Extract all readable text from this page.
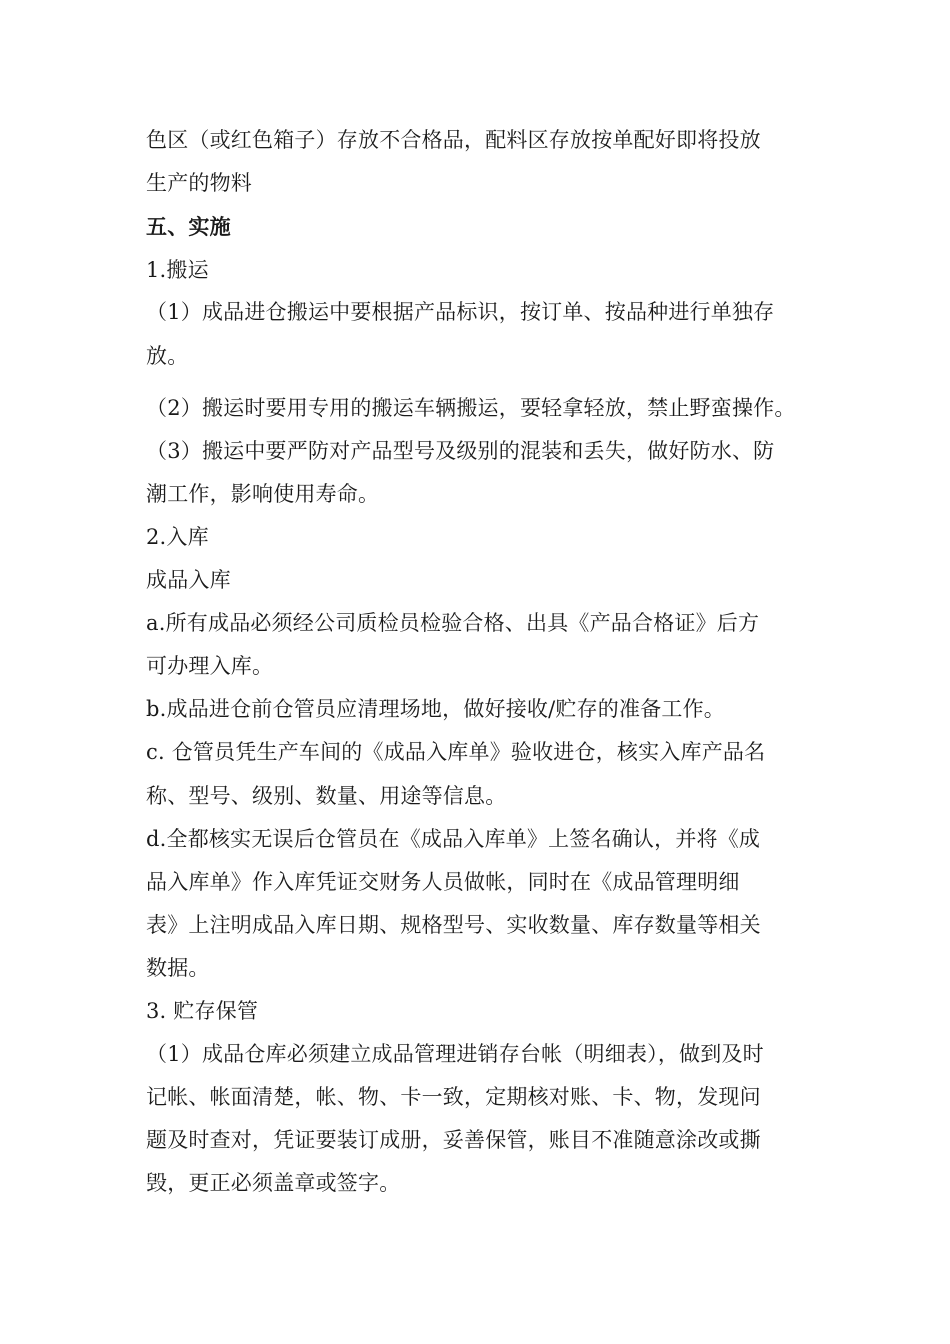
色区（或红色箱子）存放不合格品，配料区存放按单配好即将投放
生产的物料
五、实施
1.搬运
（1）成品进仓搬运中要根据产品标识，按订单、按品种进行单独存
放。
（2）搬运时要用专用的搬运车辆搬运，要轻拿轻放，禁止野蛮操作。
（3）搬运中要严防对产品型号及级别的混装和丢失，做好防水、防
潮工作，影响使用寿命。
2.入库
成品入库
a.所有成品必须经公司质检员检验合格、出具《产品合格证》后方
可办理入库。
b.成品进仓前仓管员应清理场地，做好接收/贮存的准备工作。
c. 仓管员凭生产车间的《成品入库单》验收进仓，核实入库产品名
称、型号、级别、数量、用途等信息。
d.全都核实无误后仓管员在《成品入库单》上签名确认，并将《成
品入库单》作入库凭证交财务人员做帐，同时在《成品管理明细
表》上注明成品入库日期、规格型号、实收数量、库存数量等相关
数据。
3. 贮存保管
（1）成品仓库必须建立成品管理进销存台帐（明细表），做到及时
记帐、帐面清楚，帐、物、卡一致，定期核对账、卡、物，发现问
题及时查对，凭证要装订成册，妥善保管，账目不准随意涂改或撕
毁，更正必须盖章或签字。
